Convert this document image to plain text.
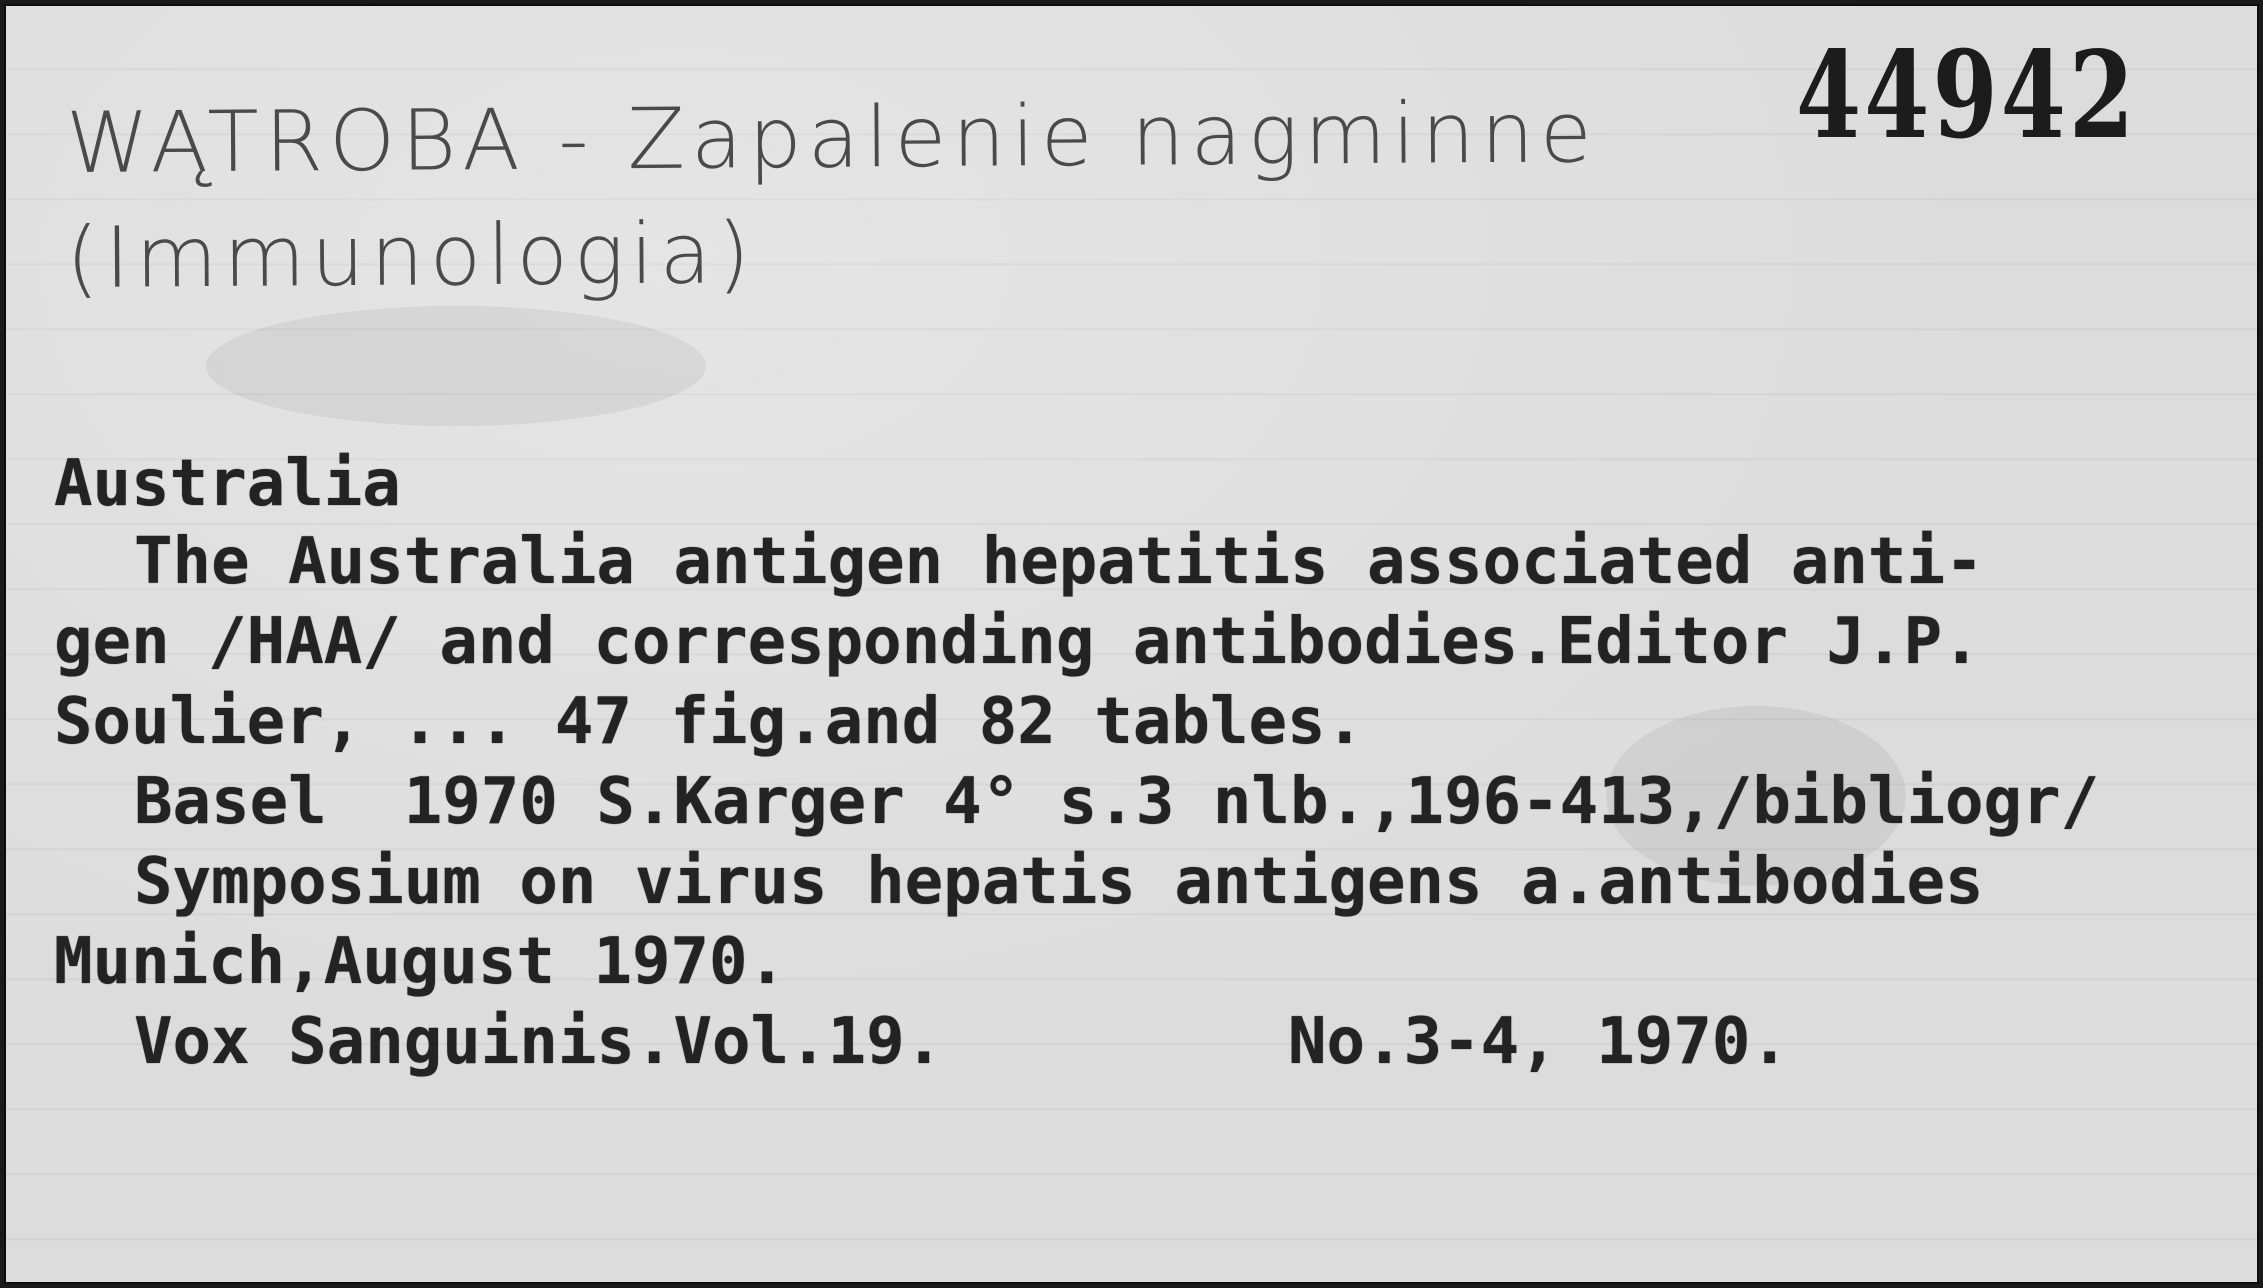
WĄTROBA - Zapalenie nagminne
(Immunologia)
44942
Australia
The Australia antigen hepatitis associated anti-
gen /HAA/ and corresponding antibodies.Editor J.P.
Soulier, ... 47 fig.and 82 tables.
Basel  1970 S.Karger 4° s.3 nlb.,196-413,/bibliogr/
Symposium on virus hepatis antigens a.antibodies
Munich,August 1970.
Vox Sanguinis.Vol.19.	No.3-4, 1970.
